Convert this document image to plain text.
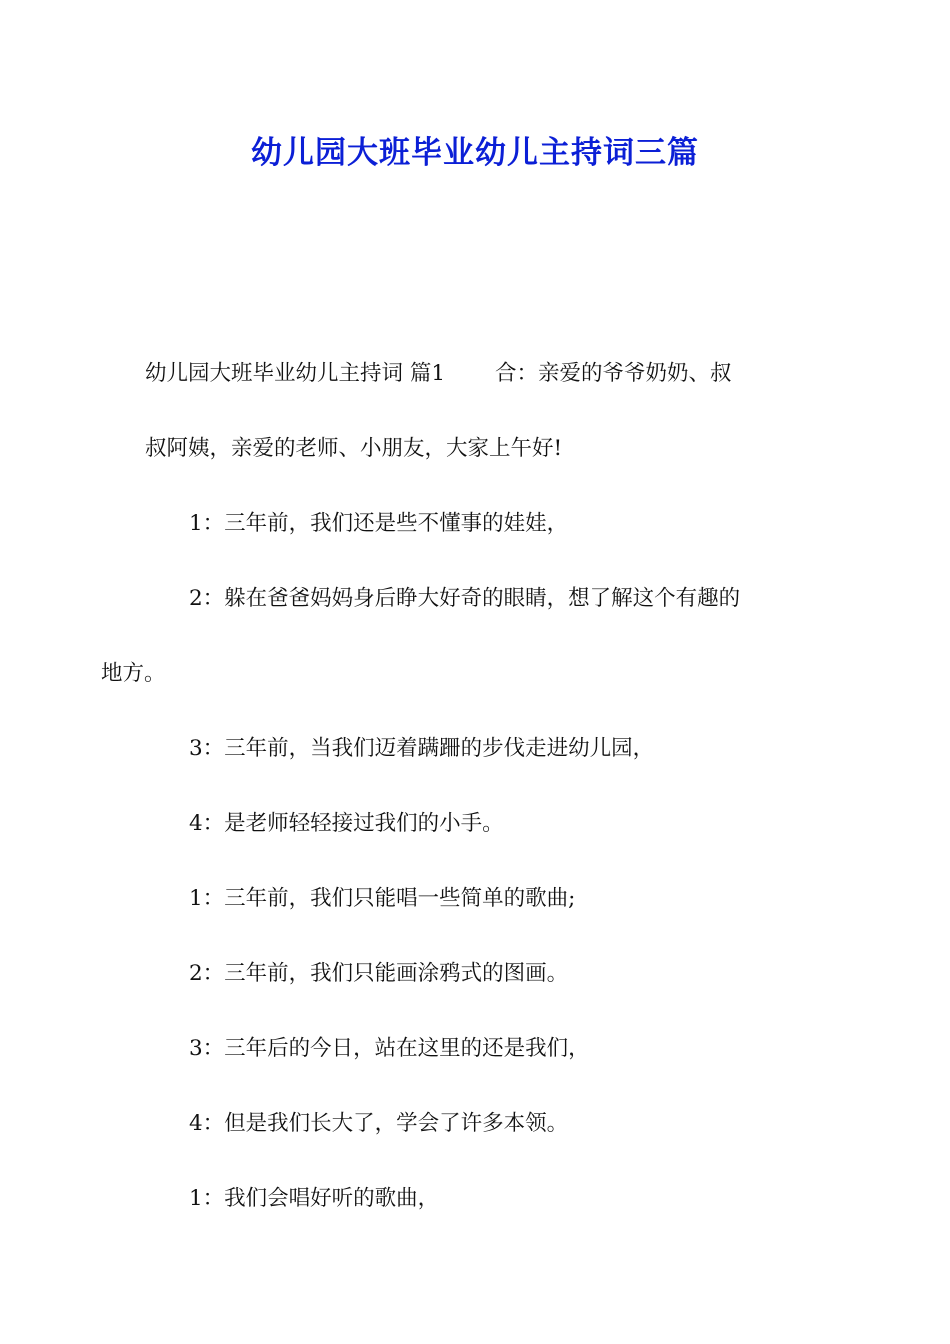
幼儿园大班毕业幼儿主持词三篇

幼儿园大班毕业幼儿主持词 篇1 合：亲爱的爷爷奶奶、叔
叔阿姨，亲爱的老师、小朋友，大家上午好!

1：三年前，我们还是些不懂事的娃娃，

2：躲在爸爸妈妈身后睁大好奇的眼睛，想了解这个有趣的
地方。

3：三年前，当我们迈着蹒跚的步伐走进幼儿园，

4：是老师轻轻接过我们的小手。

1：三年前，我们只能唱一些简单的歌曲;

2：三年前，我们只能画涂鸦式的图画。

3：三年后的今日，站在这里的还是我们，

4：但是我们长大了，学会了许多本领。

1：我们会唱好听的歌曲，
